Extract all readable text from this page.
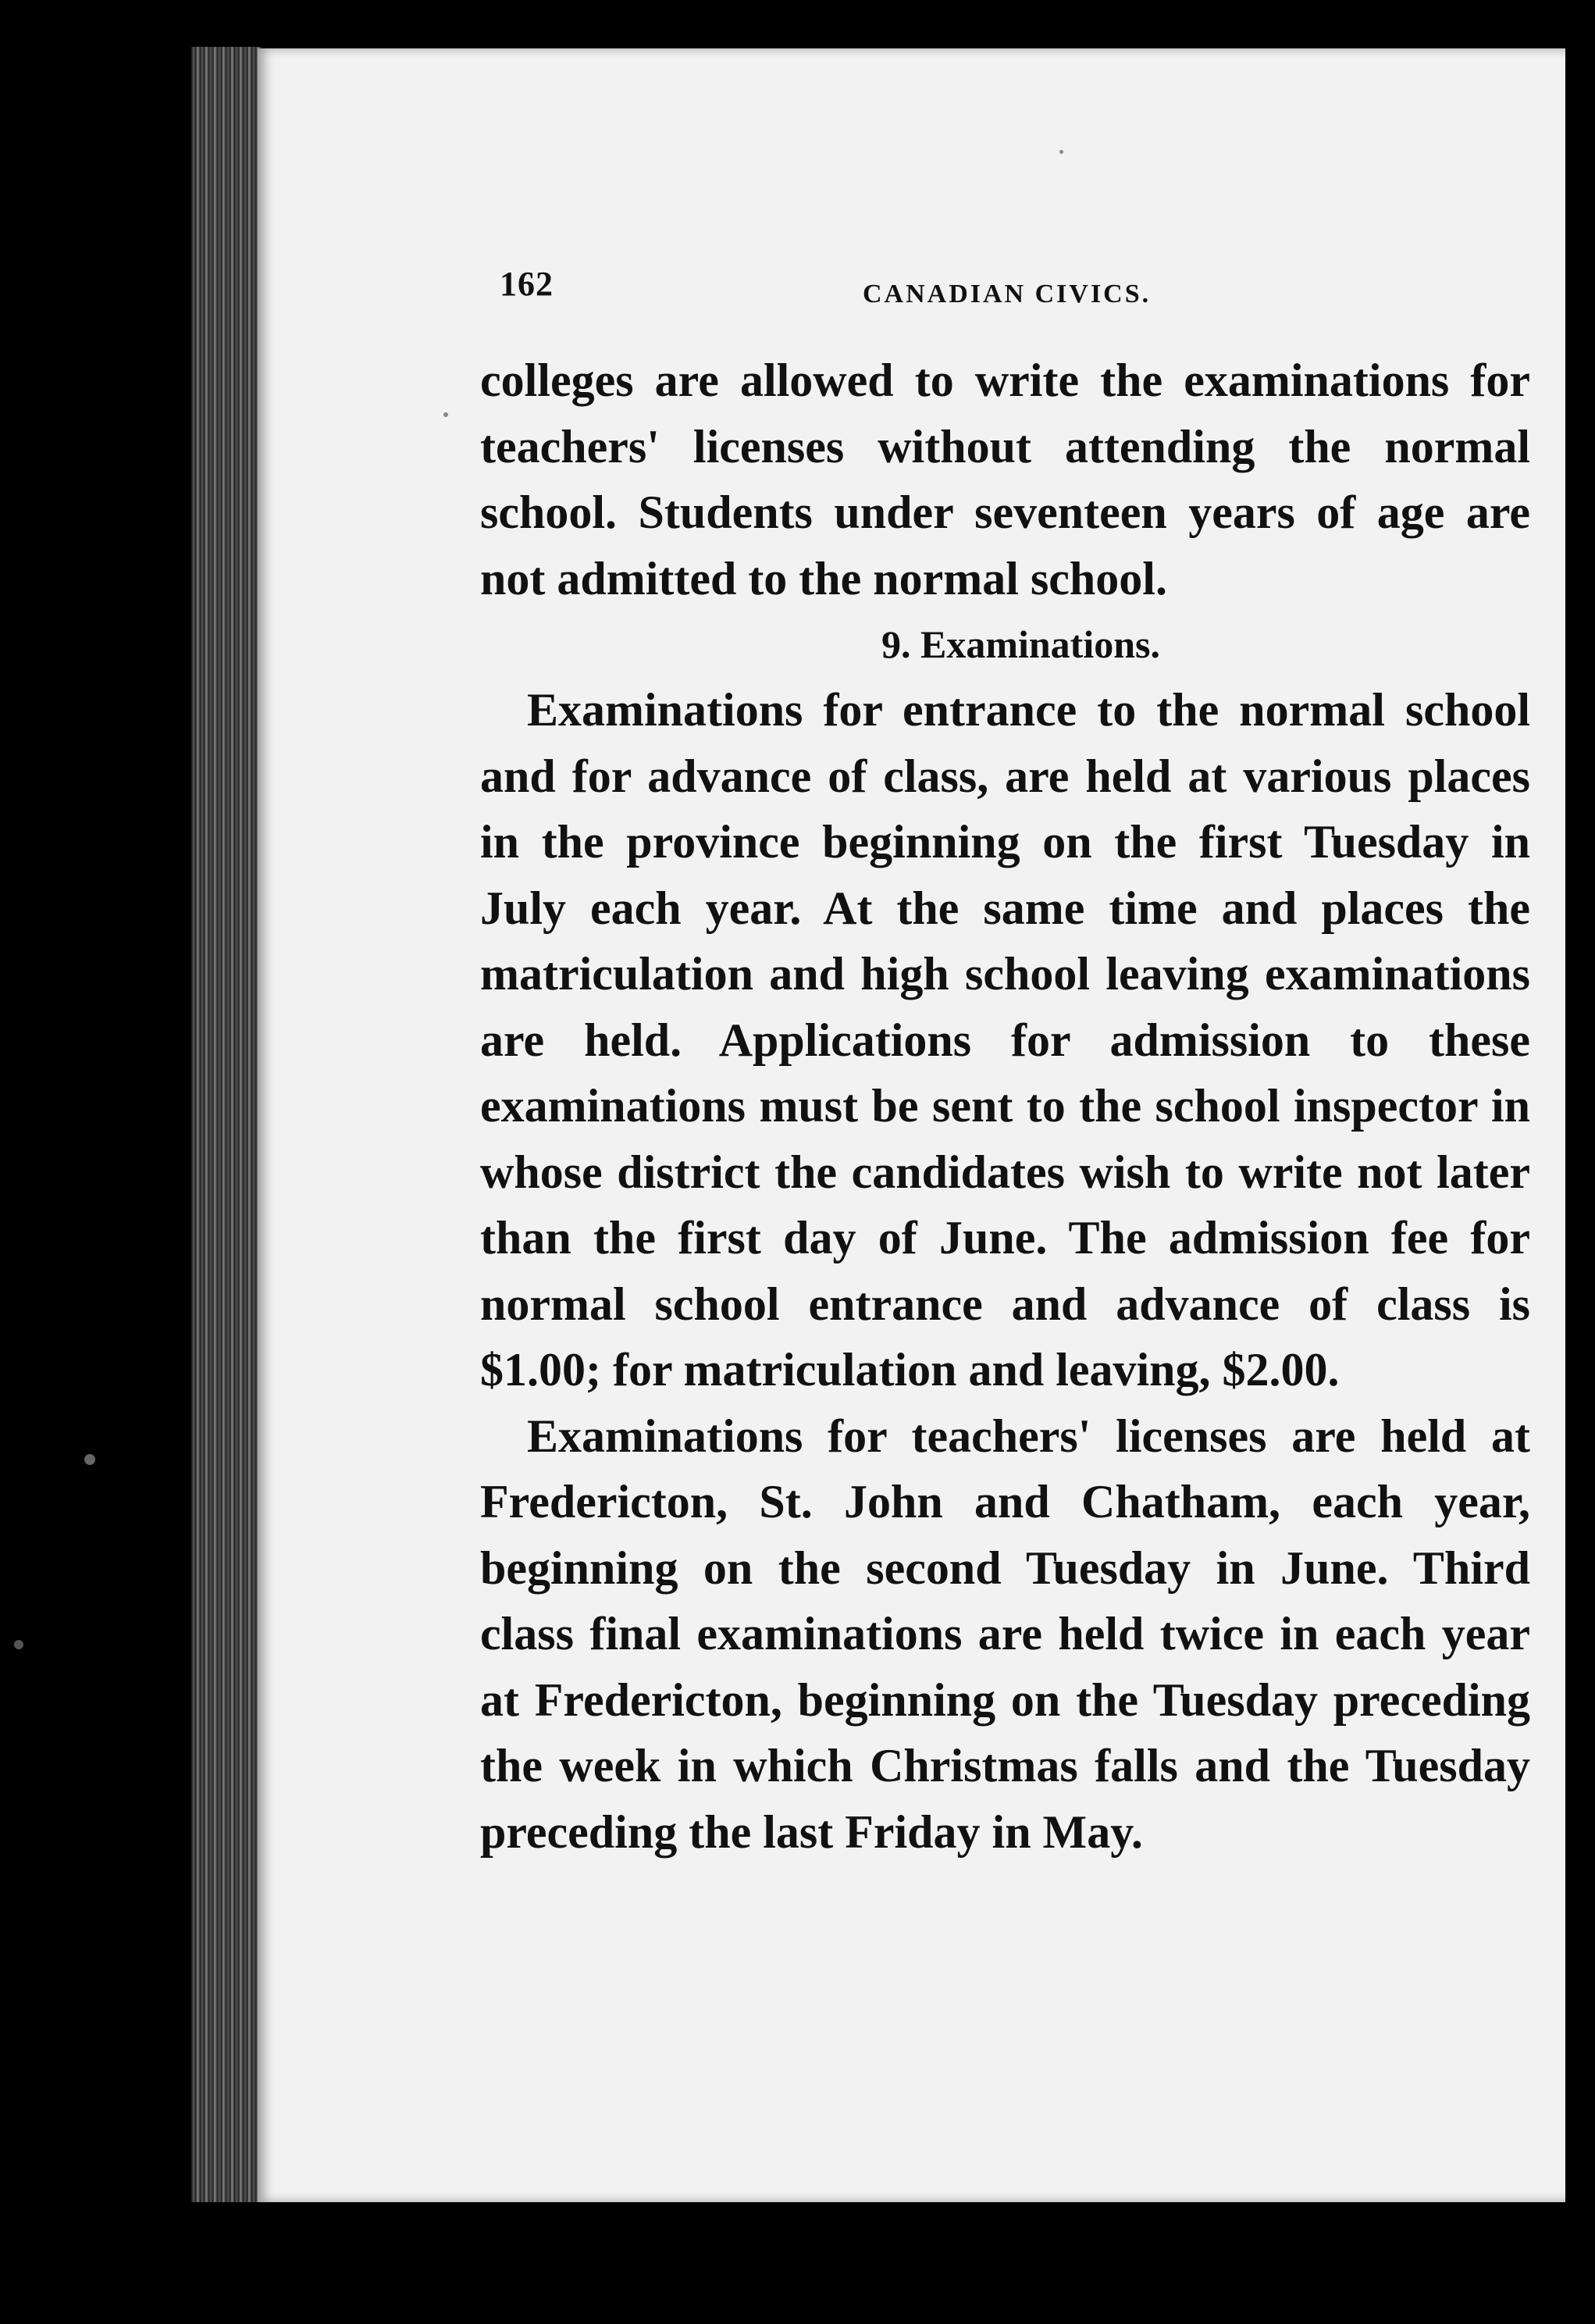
162	CANADIAN CIVICS.

colleges are allowed to write the examinations for teachers' licenses without attending the normal school. Students under seventeen years of age are not admitted to the normal school.

9. Examinations.

Examinations for entrance to the normal school and for advance of class, are held at various places in the province beginning on the first Tuesday in July each year. At the same time and places the matriculation and high school leaving examinations are held. Applications for admission to these examinations must be sent to the school inspector in whose district the candidates wish to write not later than the first day of June. The admission fee for normal school entrance and advance of class is $1.00; for matriculation and leaving, $2.00.

Examinations for teachers' licenses are held at Fredericton, St. John and Chatham, each year, beginning on the second Tuesday in June. Third class final examinations are held twice in each year at Fredericton, beginning on the Tuesday preceding the week in which Christmas falls and the Tuesday preceding the last Friday in May.
